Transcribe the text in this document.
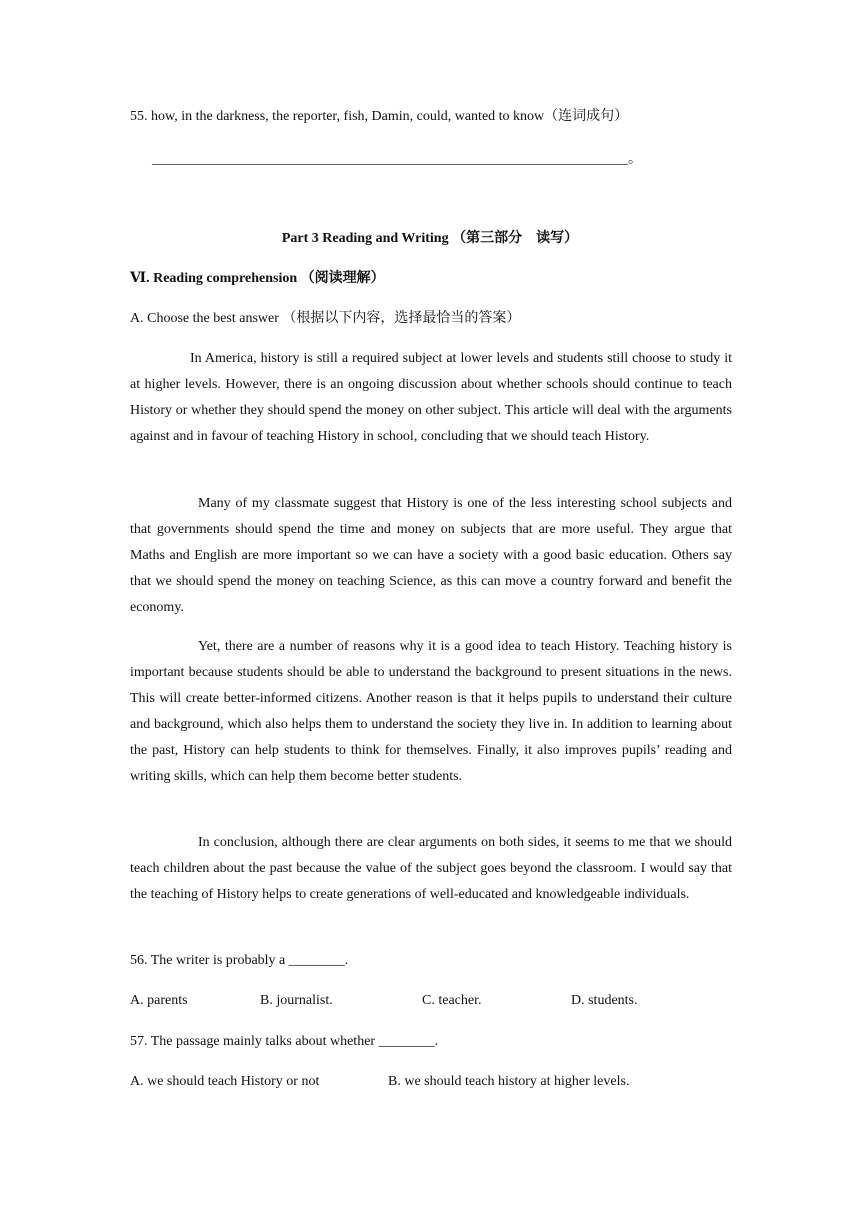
55. how, in the darkness, the reporter, fish, Damin, could, wanted to know（连词成句）
____________________________________________________________________。
Part 3 Reading and Writing （第三部分　读写）
Ⅵ. Reading comprehension （阅读理解）
A. Choose the best answer （根据以下内容，选择最恰当的答案）

In America, history is still a required subject at lower levels and students still choose to study it at higher levels. However, there is an ongoing discussion about whether schools should continue to teach History or whether they should spend the money on other subject. This article will deal with the arguments against and in favour of teaching History in school, concluding that we should teach History.

Many of my classmate suggest that History is one of the less interesting school subjects and that governments should spend the time and money on subjects that are more useful. They argue that Maths and English are more important so we can have a society with a good basic education. Others say that we should spend the money on teaching Science, as this can move a country forward and benefit the economy.

Yet, there are a number of reasons why it is a good idea to teach History. Teaching history is important because students should be able to understand the background to present situations in the news. This will create better-informed citizens. Another reason is that it helps pupils to understand their culture and background, which also helps them to understand the society they live in. In addition to learning about the past, History can help students to think for themselves. Finally, it also improves pupils’ reading and writing skills, which can help them become better students.

In conclusion, although there are clear arguments on both sides, it seems to me that we should teach children about the past because the value of the subject goes beyond the classroom. I would say that the teaching of History helps to create generations of well-educated and knowledgeable individuals.

56. The writer is probably a ________.
A. parents	B. journalist.	C. teacher.	D. students.
57. The passage mainly talks about whether ________.
A. we should teach History or not	B. we should teach history at higher levels.
